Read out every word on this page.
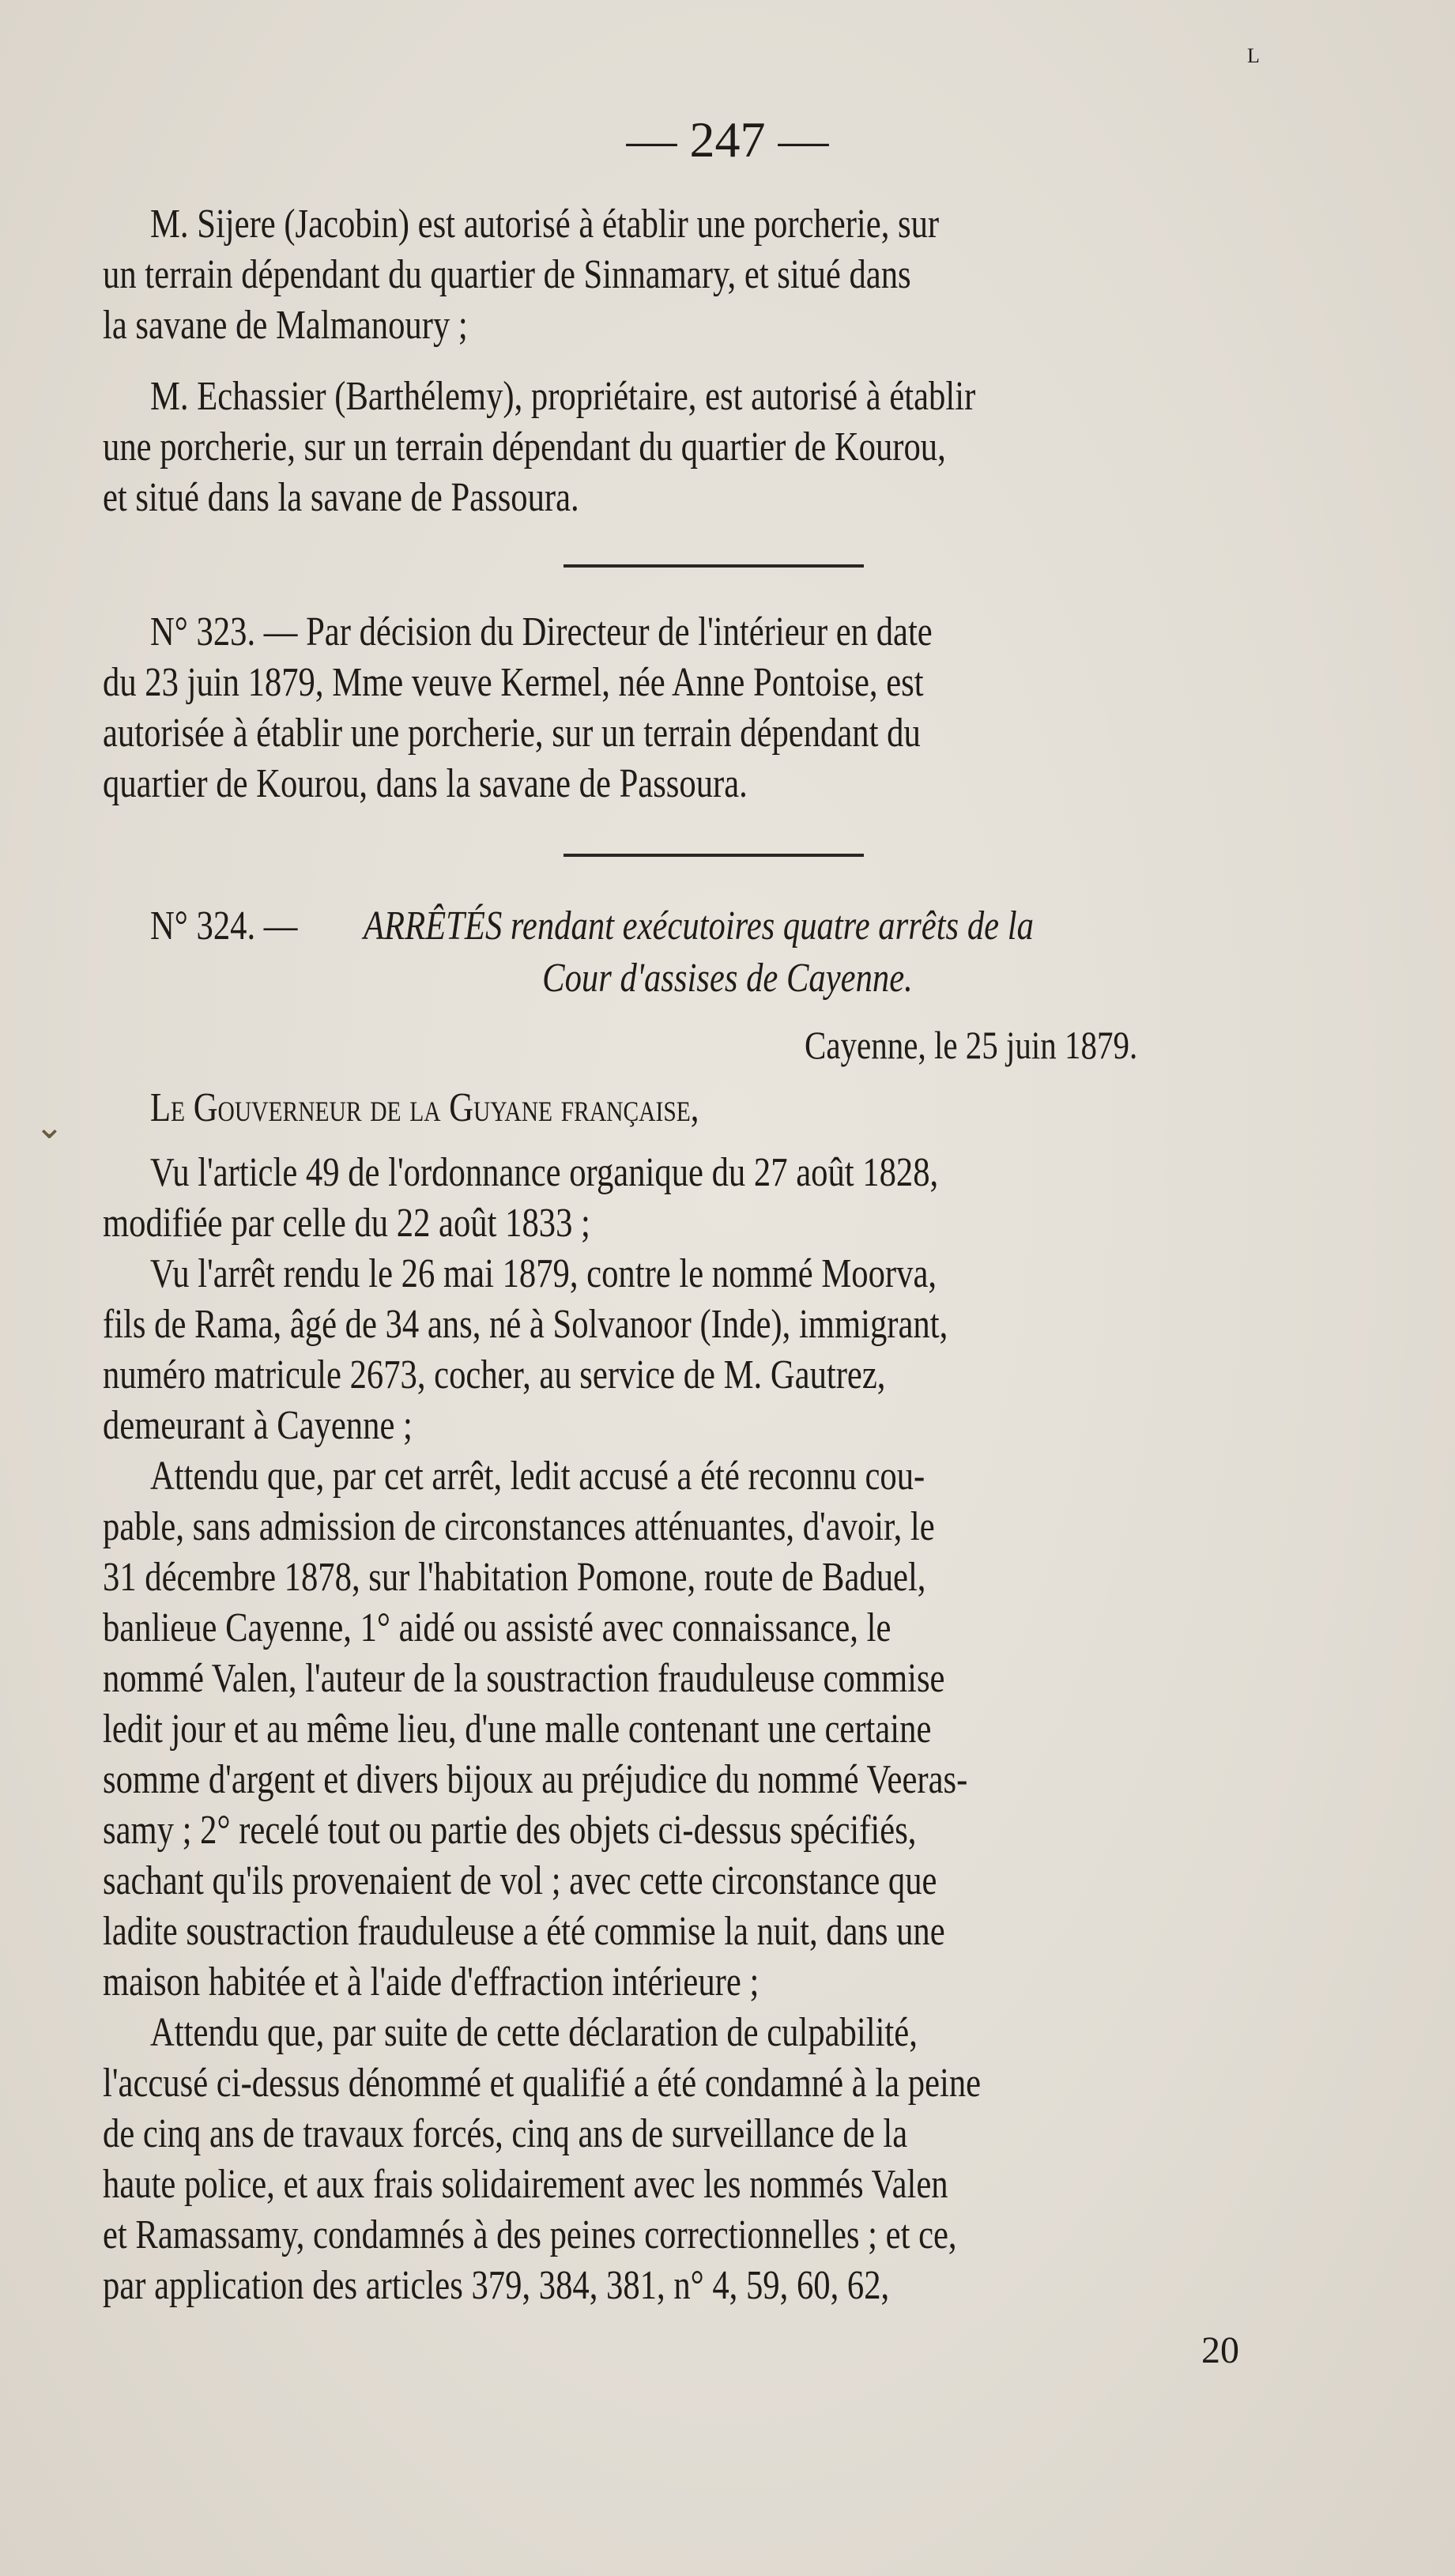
L
— 247 —
M. Sijere (Jacobin) est autorisé à établir une porcherie, sur
un terrain dépendant du quartier de Sinnamary, et situé dans
la savane de Malmanoury ;
M. Echassier (Barthélemy), propriétaire, est autorisé à établir
une porcherie, sur un terrain dépendant du quartier de Kourou,
et situé dans la savane de Passoura.
N° 323. — Par décision du Directeur de l'intérieur en date
du 23 juin 1879, Mme veuve Kermel, née Anne Pontoise, est
autorisée à établir une porcherie, sur un terrain dépendant du
quartier de Kourou, dans la savane de Passoura.
N° 324. — ARRÊTÉS rendant exécutoires quatre arrêts de la
Cour d'assises de Cayenne.
Cayenne, le 25 juin 1879.
⌄ Le Gouverneur de la Guyane française,
Vu l'article 49 de l'ordonnance organique du 27 août 1828,
modifiée par celle du 22 août 1833 ;
Vu l'arrêt rendu le 26 mai 1879, contre le nommé Moorva,
fils de Rama, âgé de 34 ans, né à Solvanoor (Inde), immigrant,
numéro matricule 2673, cocher, au service de M. Gautrez,
demeurant à Cayenne ;
Attendu que, par cet arrêt, ledit accusé a été reconnu cou-
pable, sans admission de circonstances atténuantes, d'avoir, le
31 décembre 1878, sur l'habitation Pomone, route de Baduel,
banlieue Cayenne, 1° aidé ou assisté avec connaissance, le
nommé Valen, l'auteur de la soustraction frauduleuse commise
ledit jour et au même lieu, d'une malle contenant une certaine
somme d'argent et divers bijoux au préjudice du nommé Veeras-
samy ; 2° recelé tout ou partie des objets ci-dessus spécifiés,
sachant qu'ils provenaient de vol ; avec cette circonstance que
ladite soustraction frauduleuse a été commise la nuit, dans une
maison habitée et à l'aide d'effraction intérieure ;
Attendu que, par suite de cette déclaration de culpabilité,
l'accusé ci-dessus dénommé et qualifié a été condamné à la peine
de cinq ans de travaux forcés, cinq ans de surveillance de la
haute police, et aux frais solidairement avec les nommés Valen
et Ramassamy, condamnés à des peines correctionnelles ; et ce,
par application des articles 379, 384, 381, n° 4, 59, 60, 62,
20
